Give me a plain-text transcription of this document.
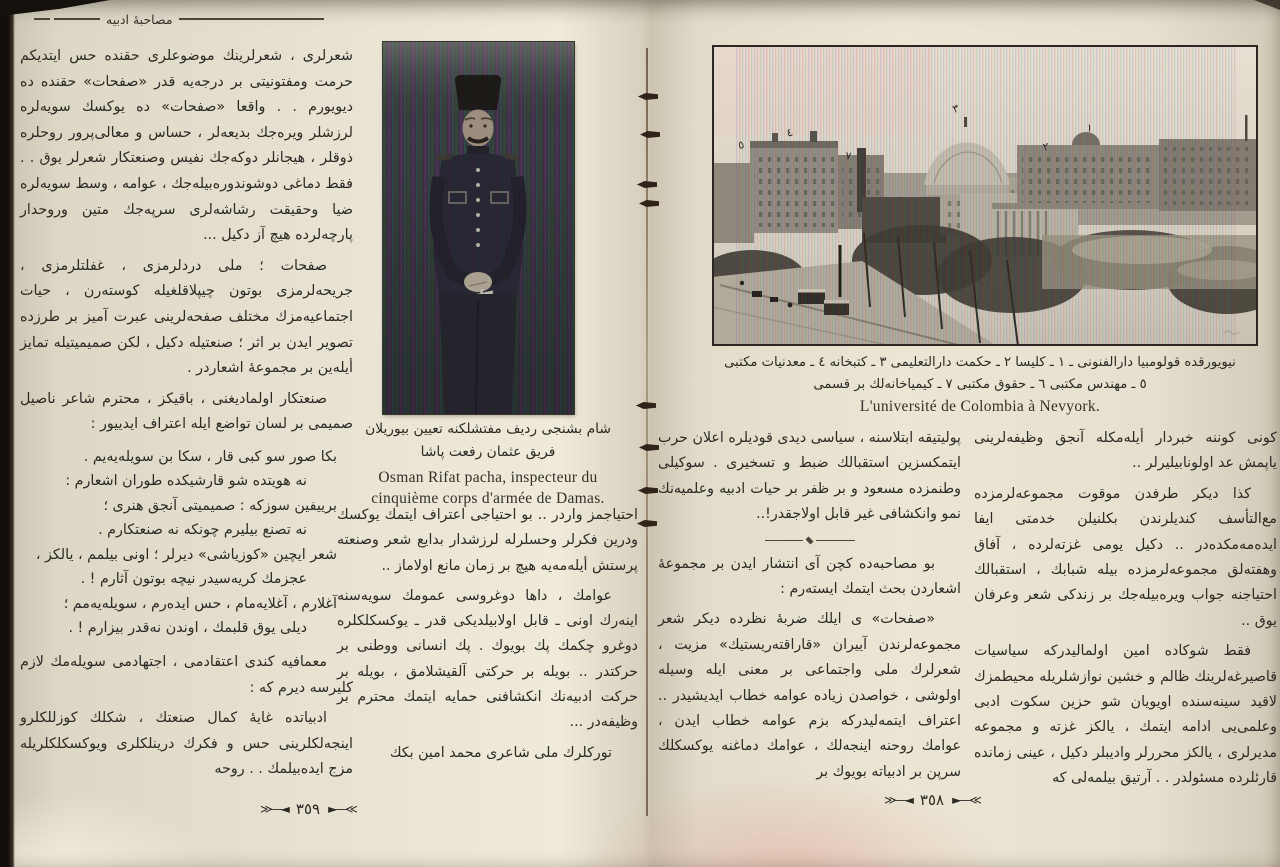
مصاحبهٔ ادبيه
شعرلرى ، شعرلرينك موضوعلرى حقنده حس ايتديكم حرمت ومفتونيتى بر درجه‌يه قدر «صفحات» حقنده ده ديويورم . . واقعا «صفحات» ده يوكسك سويه‌لره لرزشلر ويره‌جك بديعه‌لر ، حساس و معالى‌پرور روحلره ذوقلر ، هيجانلر دوكه‌جك نفيس وصنعتكار شعرلر يوق . . فقط دماغى دوشوندوره‌بيله‌جك ، عوامه ، وسط سويه‌لره ضيا وحقيقت رشاشه‌لرى سرپه‌جك متين وروحدار پارچه‌لرده هيچ آز دكيل ...
صفحات ؛ ملى دردلرمزى ، غفلتلرمزى ، جريحه‌لرمزى بوتون چيپلاقلغيله كوسته‌رن ، حيات اجتماعيه‌مزك مختلف صفحه‌لرينى عبرت آميز بر طرزده تصوير ايدن بر اثر ؛ صنعتيله دكيل ، لكن صميميتيله تمايز أيله‌ين بر مجموعهٔ اشعاردر .
صنعتكار اولماديغنى ، باقيكز ، محترم شاعر ناصيل صميمى بر لسان تواضع ايله اعتراف ايدييور :
بكا صور سو كبى قار ، سكا بن سويله‌يه‌يم .
نه هويتده شو قارشيكده طوران اشعارم :
برييفين سوزكه : صميميتى آنجق هنرى ؛
نه تصنع بيليرم چونكه نه صنعتكارم .
شعر ايچين «كوزياشى» ديرلر ؛ اونى بيلمم ، يالكز ،
عجزمك كريه‌سيدر نيچه بوتون آثارم ! .
آغلارم ، آغلايه‌مام ، حس ايده‌رم ، سويله‌يه‌مم ؛
ديلى يوق قلبمك ، اوندن نه‌قدر بيزارم ! .
معمافيه كندى اعتقادمى ، اجتهادمى سويله‌مك لازم كليرسه ديرم كه :
ادبياتده غايهٔ كمال صنعتك ، شكلك كوزللكلرو اينجه‌لكلرينى حس و فكرك درينلكلرى ويوكسكلكلريله مزج ايده‌بيلمك . . روحه
شام بشنجى رديف مفتشلكنه تعيين بيوريلان
فريق عثمان رفعت پاشا
Osman Rifat pacha, inspecteur du
cinquième corps d'armée de Damas.
احتياجمز واردر .. بو احتياجى اعتراف ايتمك يوكسك ودرين فكرلر وحسلرله لرزشدار بدايع شعر وصنعته پرستش أيله‌مه‌يه هيچ بر زمان مانع اولاماز ..
عوامك ، داها دوغروسى عمومك سويه‌سنه اينه‌رك اونى ـ قابل اولابيلديكى قدر ـ يوكسكلكلره دوغرو چكمك پك بويوك . پك انسانى ووطنى بر حركتدر .. بويله بر حركتى آلقيشلامق ، بويله بر حركت ادبيه‌نك انكشافنى حمايه ايتمك محترم بر وظيفه‌در ...
توركلرك ملى شاعرى محمد امين بكك
≫―◄ ٣٥٩ ►―≪
نيويورقده قولومبيا دارالفنونى ـ ١ ـ كليسا ٢ ـ حكمت دارالتعليمى ٣ ـ كتبخانه ٤ ـ معدنيات مكتبى
٥ ـ مهندس مكتبى ٦ ـ حقوق مكتبى ٧ ـ كيمياخانه‌لك بر قسمى
L'université de Colombia à Nevyork.
كونى كوننه خبردار أيله‌مكله آنجق وظيفه‌لرينى ياپمش عد اولونابيليرلر ..
كذا ديكر طرفدن موقوت مجموعه‌لرمزده مع‌التأسف كنديلرندن بكلنيلن خدمتى ايفا ايده‌مه‌مكده‌در .. دكيل يومى غزته‌لرده ، آفاق وهفته‌لق مجموعه‌لرمزده بيله شبابك ، استقبالك احتياجنه جواب ويره‌بيله‌جك بر زندكى شعر وعرفان يوق ..
فقط شوكاده امين اولماليدركه سياسيات قاصيرغه‌لرينك ظالم و خشين نوازشلريله محيطمزك لاقيد سينه‌سنده اويويان شو حزين سكوت ادبى وعلمى‌يى ادامه ايتمك ، يالكز غزته و مجموعه مديرلرى ، يالكز محررلر واديبلر دكيل ، عينى زمانده قارئلرده مسئولدر . . آرتيق بيلمه‌لى كه
پوليتيقه ابتلاسنه ، سياسى ديدى قوديلره اعلان حرب ايتمكسزين استقبالك ضبط و تسخيرى . سوكيلى وطنمزده مسعود و بر ظفر بر حيات ادبيه وعلميه‌نك نمو وانكشافى غير قابل اولاجقدر!..
بو مصاحبه‌ده كچن آى انتشار ايدن بر مجموعهٔ اشعاردن بحث ايتمك ايسته‌رم :
«صفحات» ى ايلك ضربهٔ نظرده ديكر شعر مجموعه‌لرندن آييران «قاراقته‌ريستيك» مزيت ، شعرلرك ملى واجتماعى بر معنى ايله وسيله اولوشى ، خواصدن زياده عوامه خطاب ايديشيدر .. اعتراف ايتمه‌ليدركه بزم عوامه خطاب ايدن ، عوامك روحنه اينجه‌لك ، عوامك دماغنه يوكسكلك سرپن بر ادبياته بويوك بر
≫―◄ ٣٥٨ ►―≪
